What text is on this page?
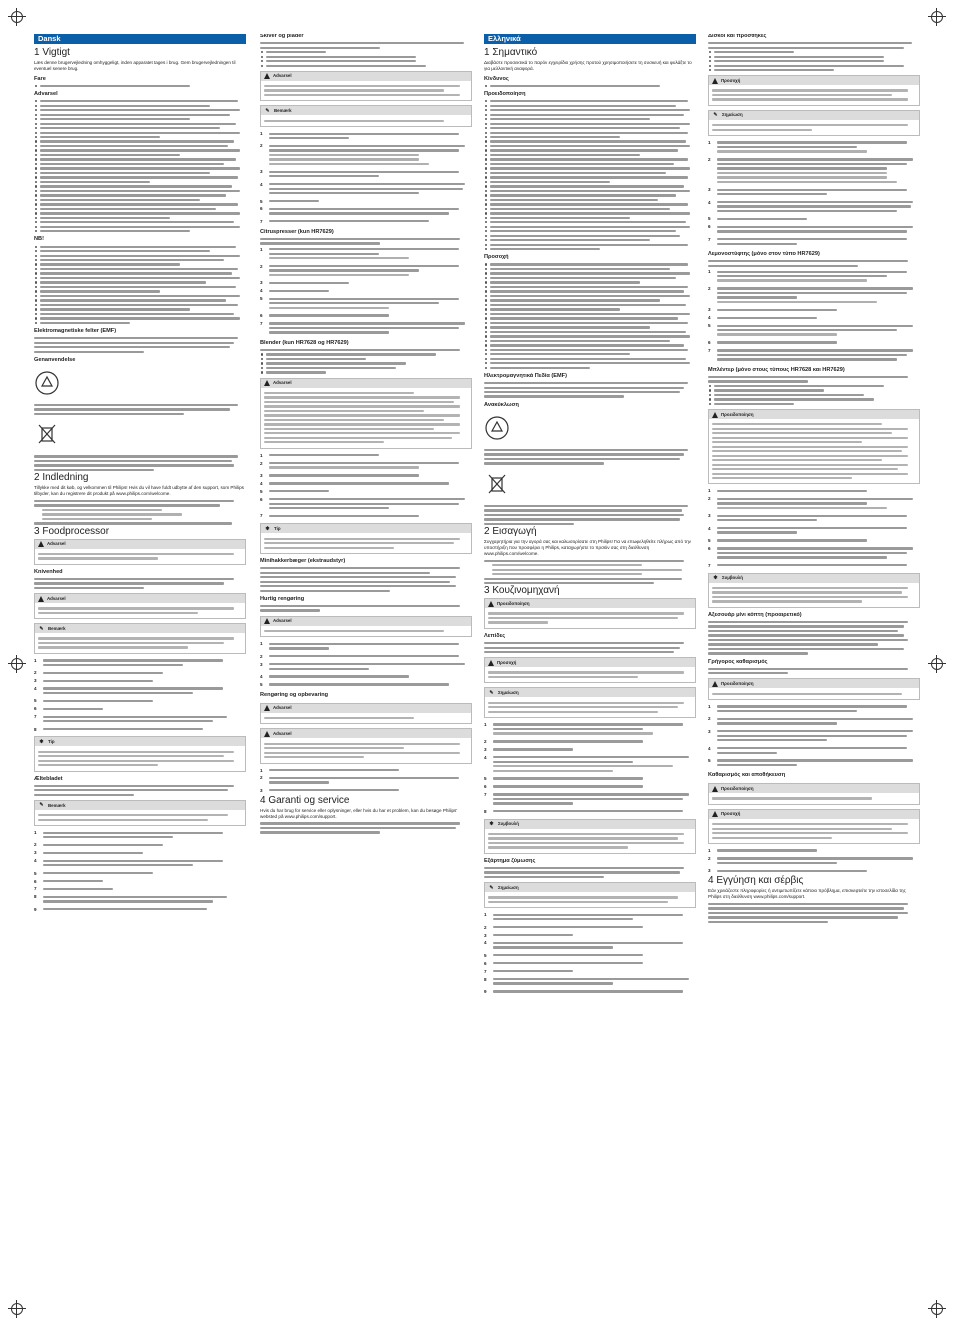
Dansk
1 Vigtigt

Læs denne brugervejledning omhyggeligt, inden apparatet tages i brug. Gem brugervejledningen til eventuel senere brug.

Fare
Advarsel
NB!
Elektromagnetiske felter (EMF)
Genanvendelse
2 Indledning

Tillykke med dit køb, og velkommen til Philips! Hvis du vil have fuldt udbytte af den support, som Philips tilbyder, kan du registrere dit produkt på www.philips.com/welcome.

3 Foodprocessor
Advarsel
Knivenhed
Advarsel
✎	Bemærk
1
2
3
4
5
6
7
8
✱	Tip
Æltebladet
✎	Bemærk
1
2
3
4
5
6
7
8
9
Skiver og plader
Advarsel
✎	Bemærk
1
2
3
4
5
6
7
Citruspresser (kun HR7629)
1
2
3
4
5
6
7
Blender (kun HR7628 og HR7629)
Advarsel
1
2
3
4
5
6
7
✱	Tip
Minihakkerbæger (ekstraudstyr)
Hurtig rengøring
Advarsel
1
2
3
4
5
Rengøring og opbevaring
Advarsel
Advarsel
1
2
3
4 Garanti og service

Hvis du har brug for service eller oplysninger, eller hvis du har et problem, kan du besøge Philips' websted på www.philips.com/support.

Ελληνικά
1 Σημαντικό

Διαβάστε προσεκτικά το παρόν εγχειρίδιο χρήσης προτού χρησιμοποιήσετε τη συσκευή και φυλάξτε το για μελλοντική αναφορά.

Κίνδυνος
Προειδοποίηση
Προσοχή
Ηλεκτρομαγνητικά Πεδία (EMF)
Ανακύκλωση
2 Εισαγωγή

Συγχαρητήρια για την αγορά σας και καλωσορίσατε στη Philips! Για να επωφεληθείτε πλήρως από την υποστήριξη που προσφέρει η Philips, καταχωρήστε το προϊόν σας στη διεύθυνση www.philips.com/welcome.

3 Κουζινομηχανή
Προειδοποίηση
Λεπίδες
Προσοχή
✎	Σημείωση
1
2
3
4
5
6
7
8
✱	Συμβουλή
Εξάρτημα ζύμωσης
✎	Σημείωση
1
2
3
4
5
6
7
8
9
Δίσκοι και προσθήκες
Προσοχή
✎	Σημείωση
1
2
3
4
5
6
7
Λεμονοστύφτης (μόνο στον τύπο HR7629)
1
2
3
4
5
6
7
Μπλέντερ (μόνο στους τύπους HR7628 και HR7629)
Προειδοποίηση
1
2
3
4
5
6
7
✱	Συμβουλή
Αξεσουάρ μίνι κόπτη (προαιρετικό)
Γρήγορος καθαρισμός
Προειδοποίηση
1
2
3
4
5
Καθαρισμός και αποθήκευση
Προειδοποίηση
Προσοχή
1
2
3
4 Εγγύηση και σέρβις

Εάν χρειάζεστε πληροφορίες ή αντιμετωπίζετε κάποιο πρόβλημα, επισκεφτείτε την ιστοσελίδα της Philips στη διεύθυνση www.philips.com/support.
